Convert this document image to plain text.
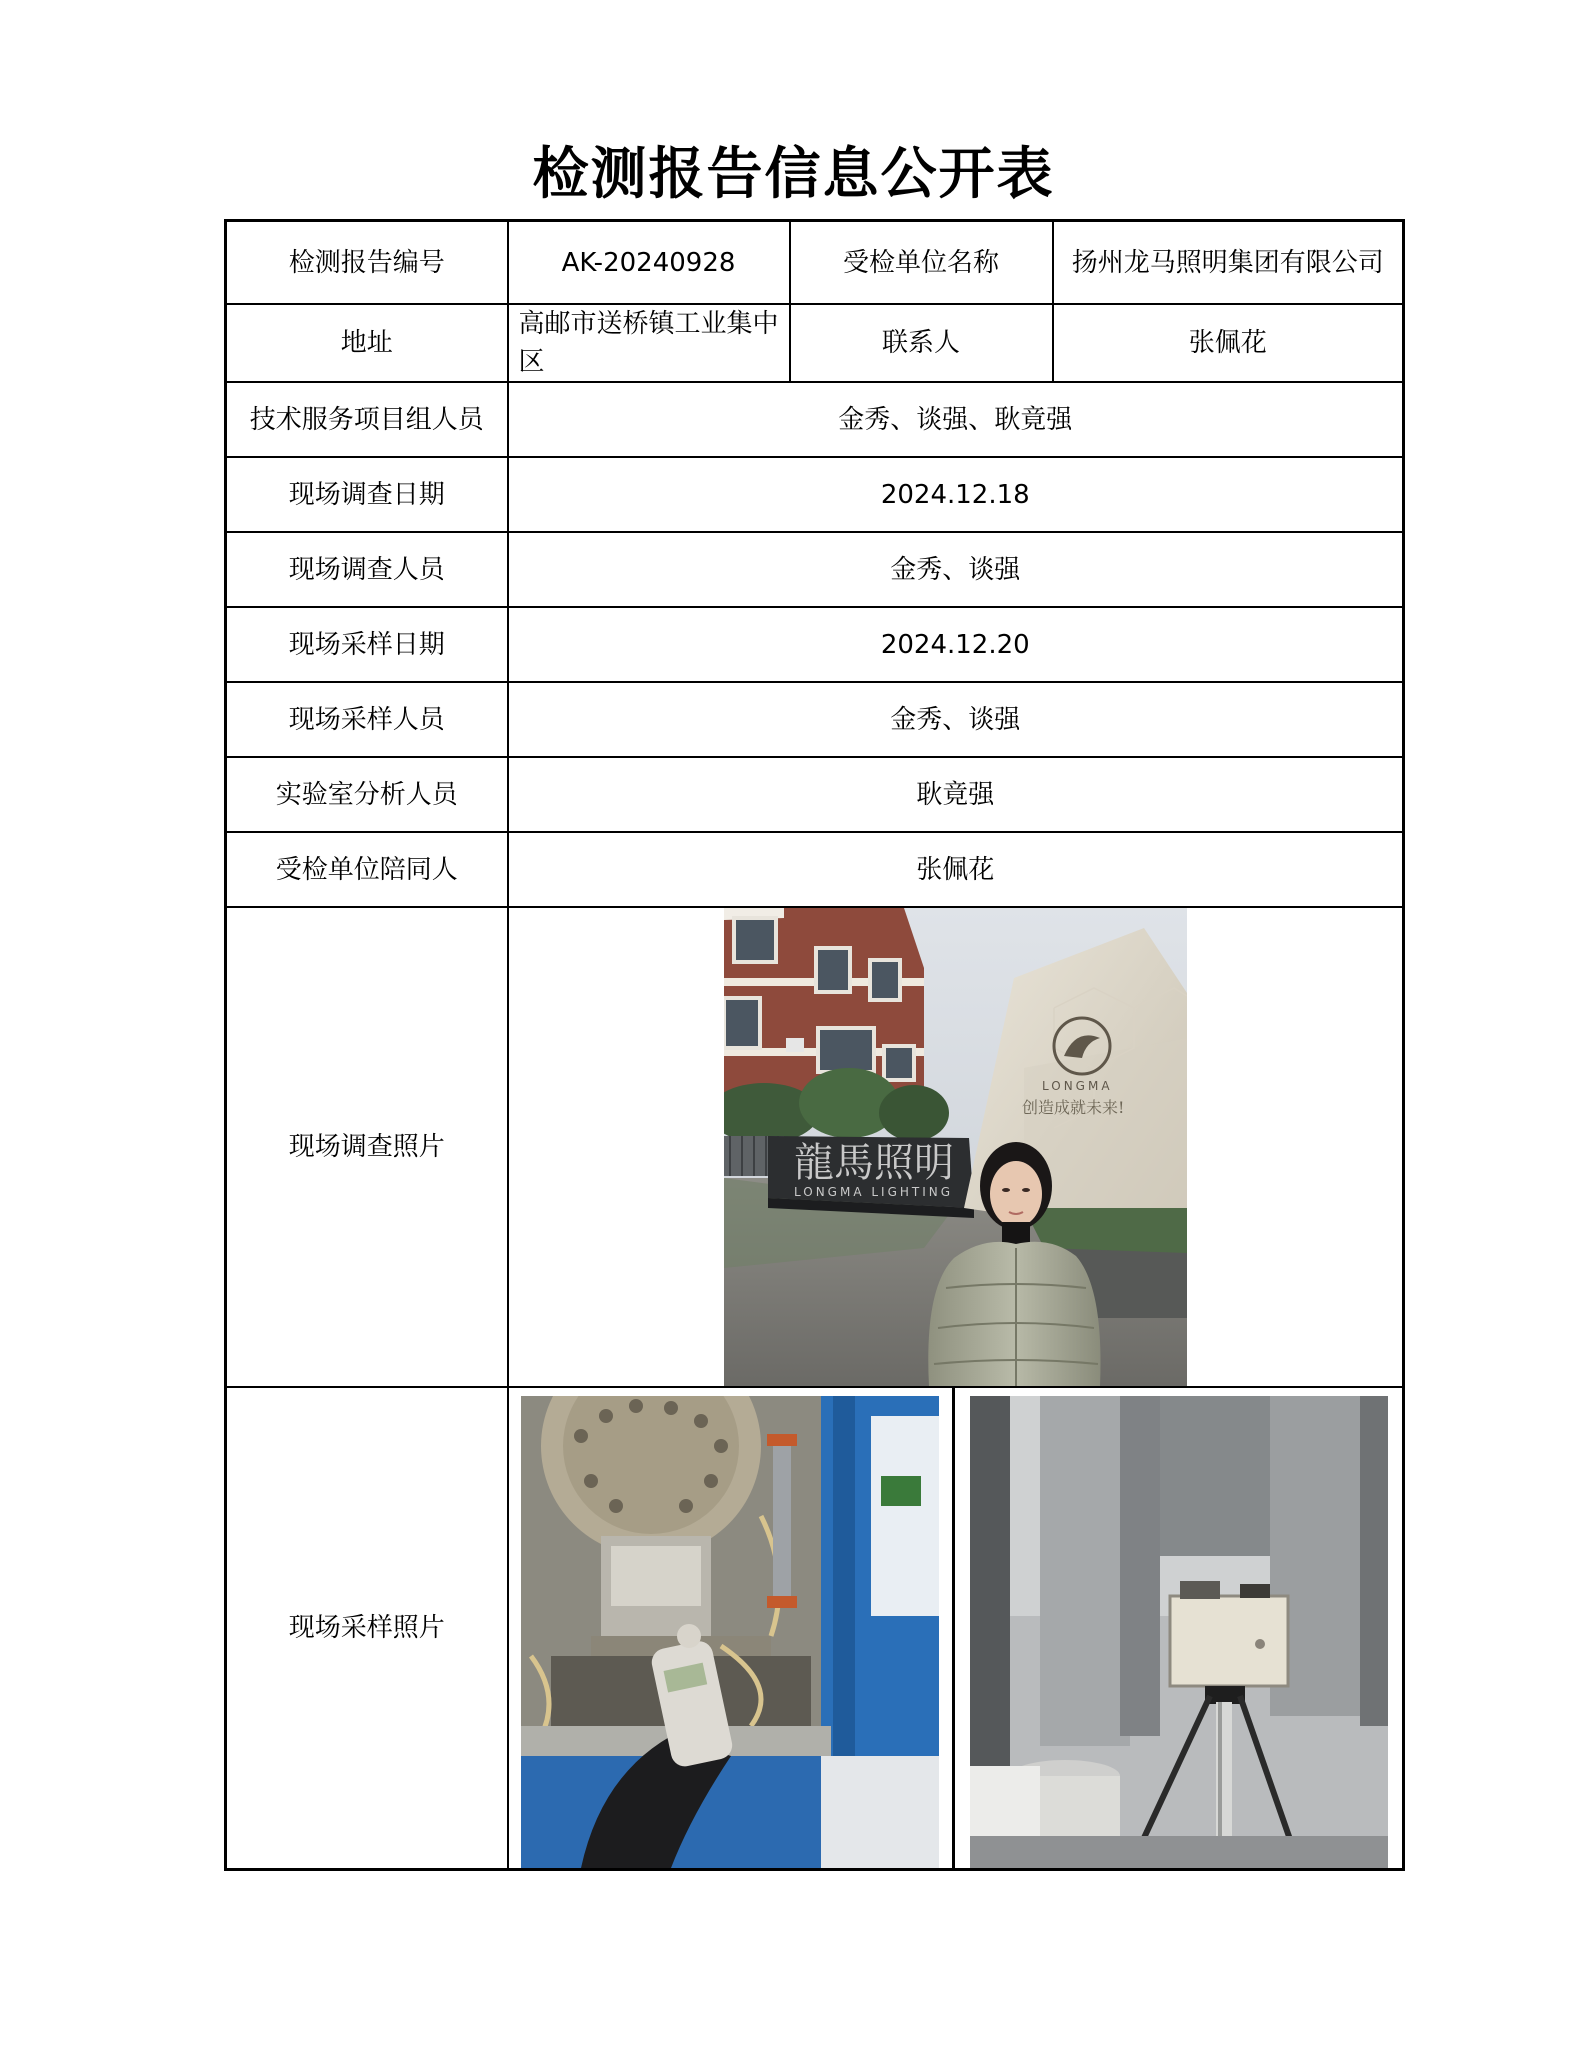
检测报告信息公开表
检测报告编号	AK-20240928	受检单位名称	扬州龙马照明集团有限公司
地址	高邮市送桥镇工业集中区	联系人	张佩花
技术服务项目组人员	金秀、谈强、耿竟强		
现场调查日期	2024.12.18		
现场调查人员	金秀、谈强		
现场采样日期	2024.12.20		
现场采样人员	金秀、谈强		
实验室分析人员	耿竟强		
受检单位陪同人	张佩花		
现场调查照片	龍馬照明
LONGMA LIGHTING
LONGMA
创造成就未来!		

现场采样照片	
